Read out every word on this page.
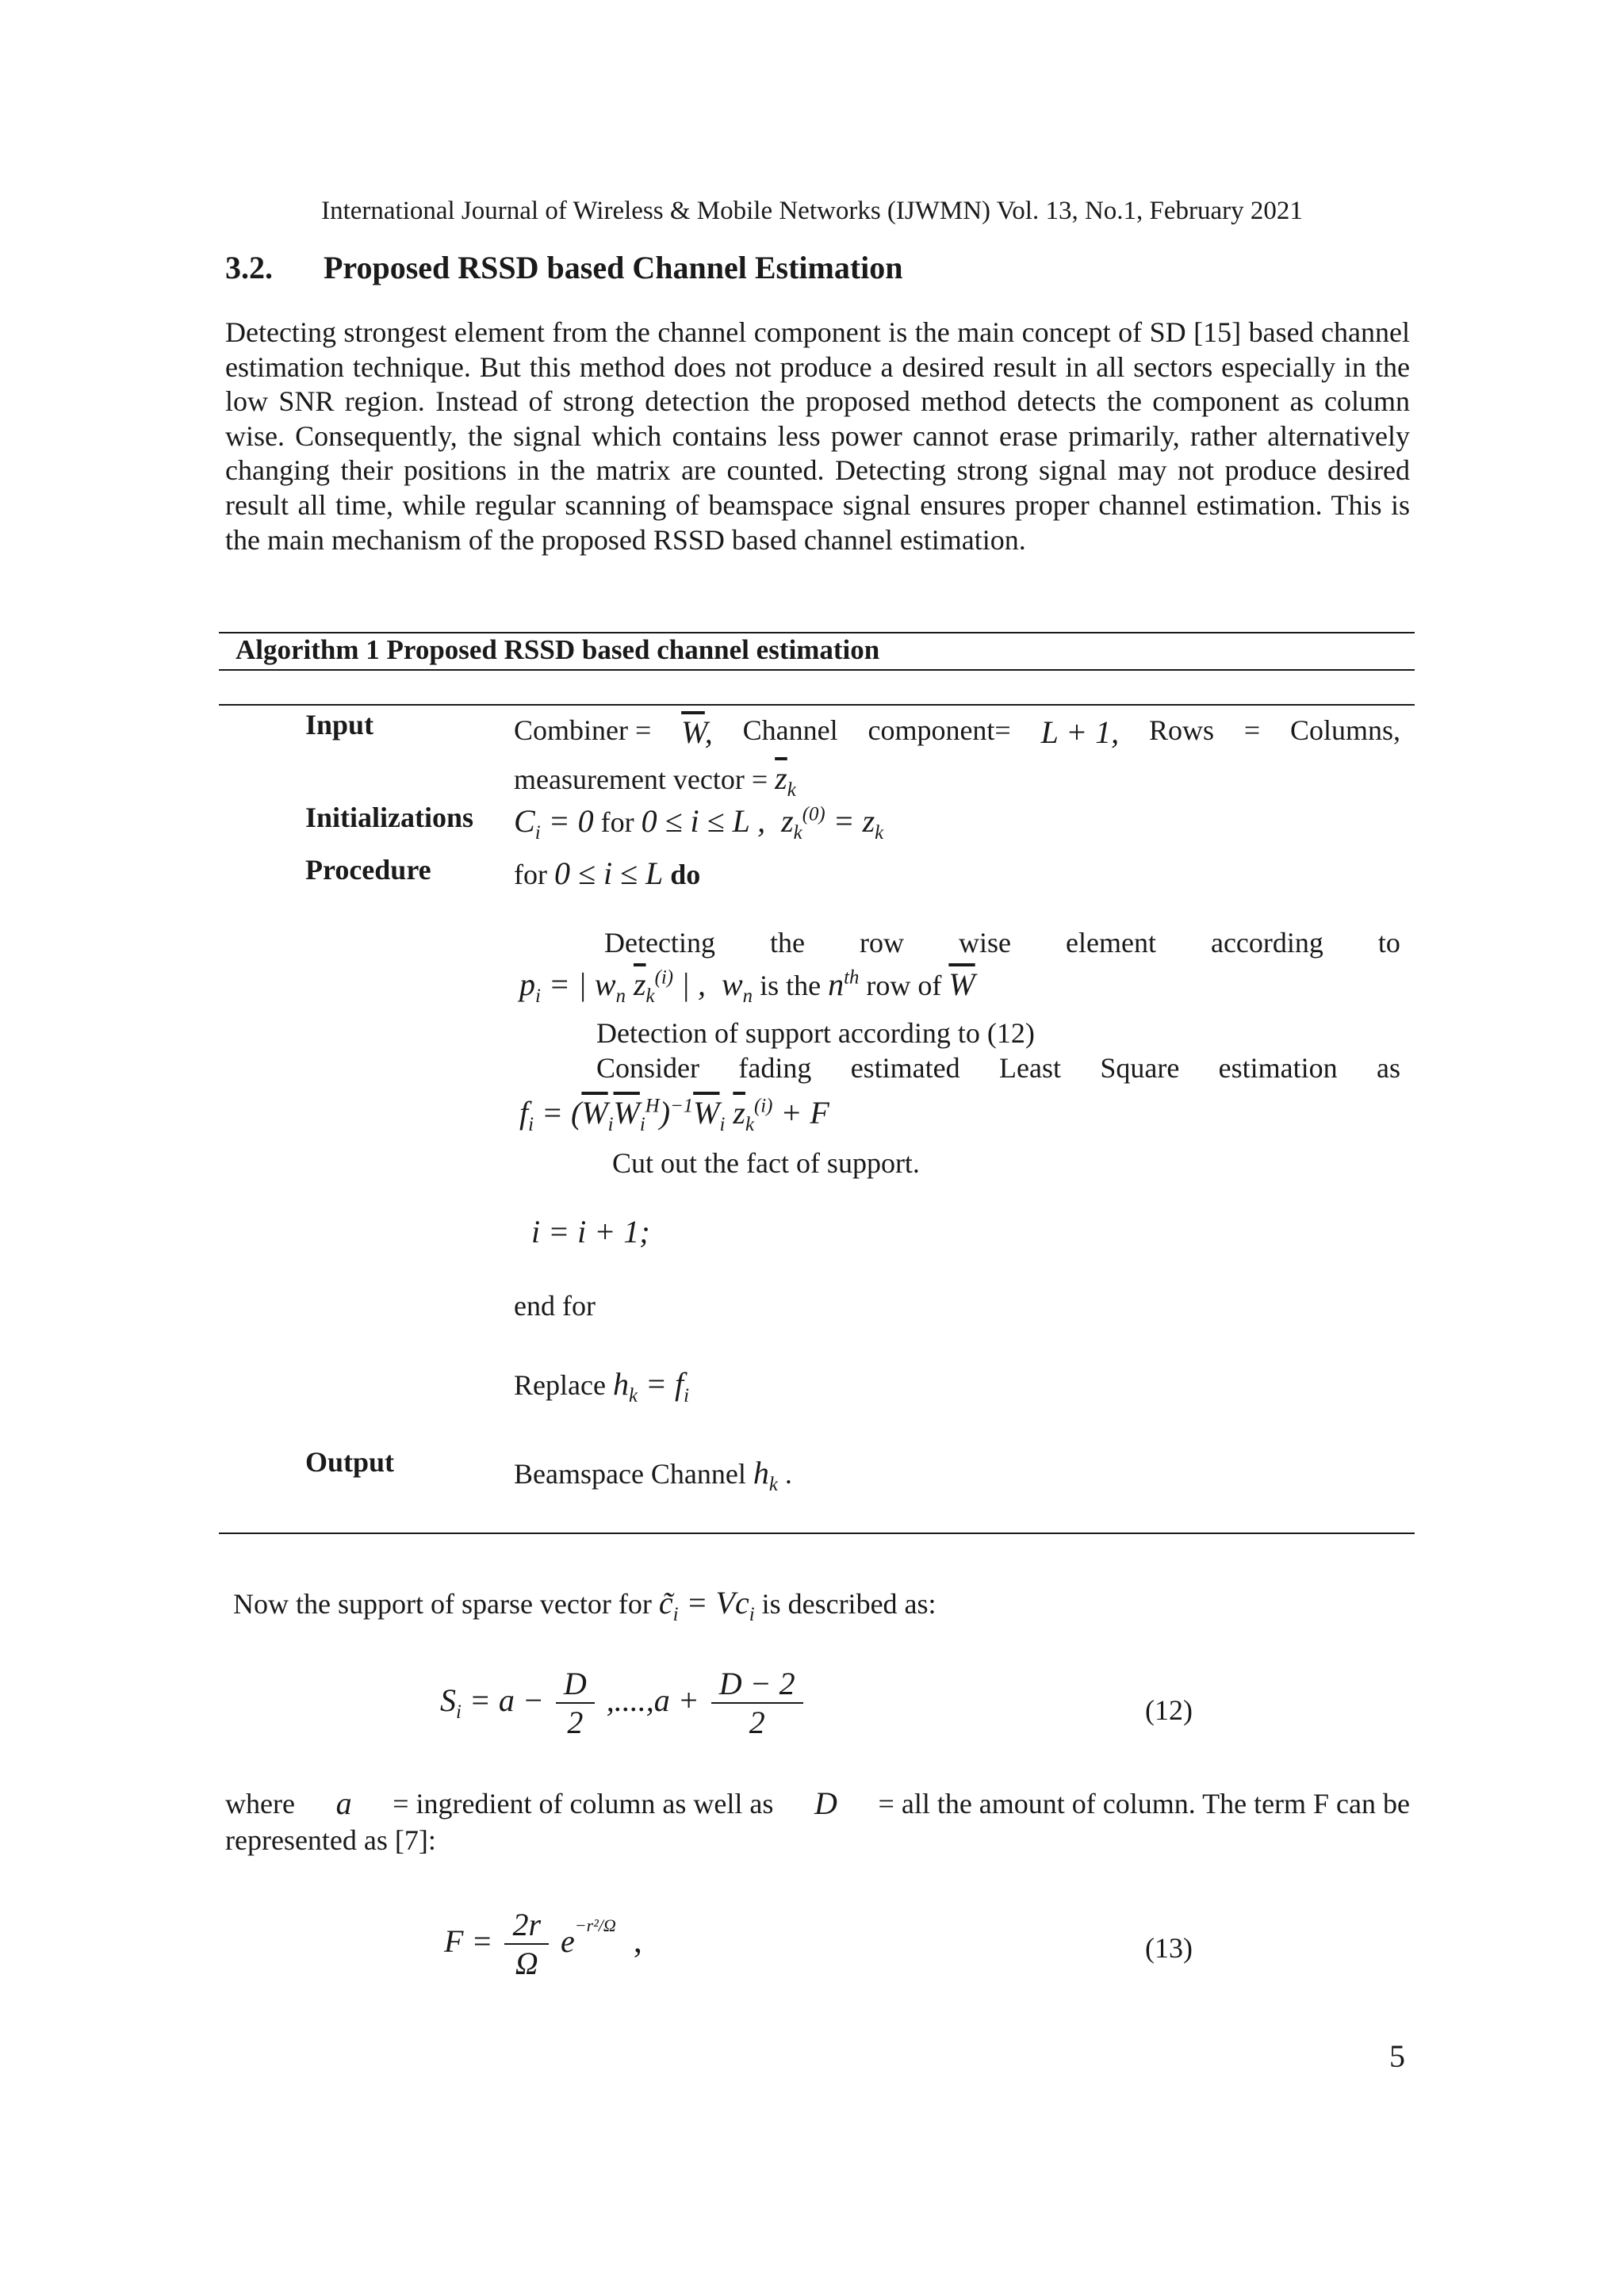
International Journal of Wireless & Mobile Networks (IJWMN) Vol. 13, No.1, February 2021
3.2. Proposed RSSD based Channel Estimation
Detecting strongest element from the channel component is the main concept of SD [15] based channel estimation technique. But this method does not produce a desired result in all sectors especially in the low SNR region. Instead of strong detection the proposed method detects the component as column wise. Consequently, the signal which contains less power cannot erase primarily, rather alternatively changing their positions in the matrix are counted. Detecting strong signal may not produce desired result all time, while regular scanning of beamspace signal ensures proper channel estimation. This is the main mechanism of the proposed RSSD based channel estimation.
Algorithm 1 Proposed RSSD based channel estimation
Input
Initializations
Procedure
Output
Combiner = $\overline{W}$, Channel component= L + 1, Rows = Columns,
measurement vector = $\overline{z}_k$
$C_i = 0$ for 0 ≤ i ≤ L ,  $z_k^{(0)} = z_k$
for 0 ≤ i ≤ L do
Detecting the row wise element according to
$p_i$ = | $w_n$ $\overline{z}_k^{(i)}$ | ,  $w_n$ is the $n^{th}$ row of $\overline{W}$
Detection of support according to (12)
Consider fading estimated Least Square estimation as
$f_i = (\overline{W}_i\overline{W}_i^H)^{-1}\overline{W}_i$ $\overline{z}_k^{(i)} + F$
Cut out the fact of support.
i = i + 1;
end for
Replace $h_k = f_i$
Beamspace Channel $h_k$ .
Now the support of sparse vector for $c̃_i = Vc_i$ is described as:
$S_i = a - \frac{D}{2} ,....,a + \frac{D - 2}{2}$	(12)
where a = ingredient of column as well as D = all the amount of column. The term F can be
represented as [7]:
$F = \frac{2r}{\Omega} e^{-r^2/\Omega}$  ,	(13)
5
